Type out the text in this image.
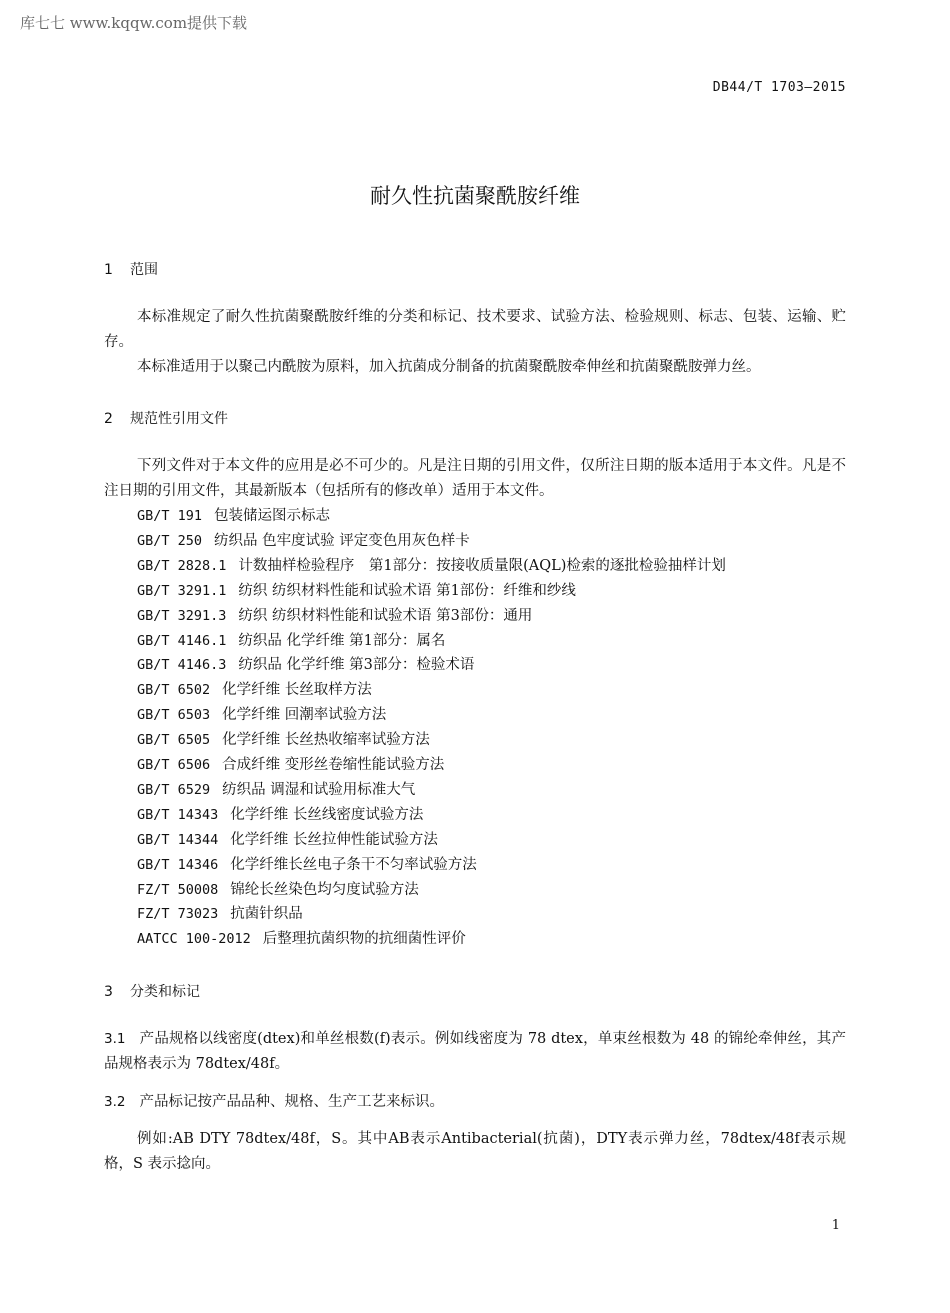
库七七 www.kqqw.com提供下载
DB44/T 1703—2015
耐久性抗菌聚酰胺纤维
1 范围
本标准规定了耐久性抗菌聚酰胺纤维的分类和标记、技术要求、试验方法、检验规则、标志、包装、运输、贮存。
本标准适用于以聚己内酰胺为原料，加入抗菌成分制备的抗菌聚酰胺牵伸丝和抗菌聚酰胺弹力丝。
2 规范性引用文件
下列文件对于本文件的应用是必不可少的。凡是注日期的引用文件，仅所注日期的版本适用于本文件。凡是不注日期的引用文件，其最新版本（包括所有的修改单）适用于本文件。
GB/T 191 包装储运图示标志
GB/T 250 纺织品 色牢度试验 评定变色用灰色样卡
GB/T 2828.1 计数抽样检验程序　第1部分：按接收质量限(AQL)检索的逐批检验抽样计划
GB/T 3291.1 纺织 纺织材料性能和试验术语 第1部份：纤维和纱线
GB/T 3291.3 纺织 纺织材料性能和试验术语 第3部份：通用
GB/T 4146.1 纺织品 化学纤维 第1部分：属名
GB/T 4146.3 纺织品 化学纤维 第3部分：检验术语
GB/T 6502 化学纤维 长丝取样方法
GB/T 6503 化学纤维 回潮率试验方法
GB/T 6505 化学纤维 长丝热收缩率试验方法
GB/T 6506 合成纤维 变形丝卷缩性能试验方法
GB/T 6529 纺织品 调湿和试验用标准大气
GB/T 14343 化学纤维 长丝线密度试验方法
GB/T 14344 化学纤维 长丝拉伸性能试验方法
GB/T 14346 化学纤维长丝电子条干不匀率试验方法
FZ/T 50008 锦纶长丝染色均匀度试验方法
FZ/T 73023 抗菌针织品
AATCC 100-2012 后整理抗菌织物的抗细菌性评价
3 分类和标记
3.1 产品规格以线密度(dtex)和单丝根数(f)表示。例如线密度为 78 dtex，单束丝根数为 48 的锦纶牵伸丝，其产品规格表示为 78dtex/48f。
3.2 产品标记按产品品种、规格、生产工艺来标识。
例如:AB DTY 78dtex/48f，S。其中AB表示Antibacterial(抗菌)，DTY表示弹力丝，78dtex/48f表示规格，S 表示捻向。
1
